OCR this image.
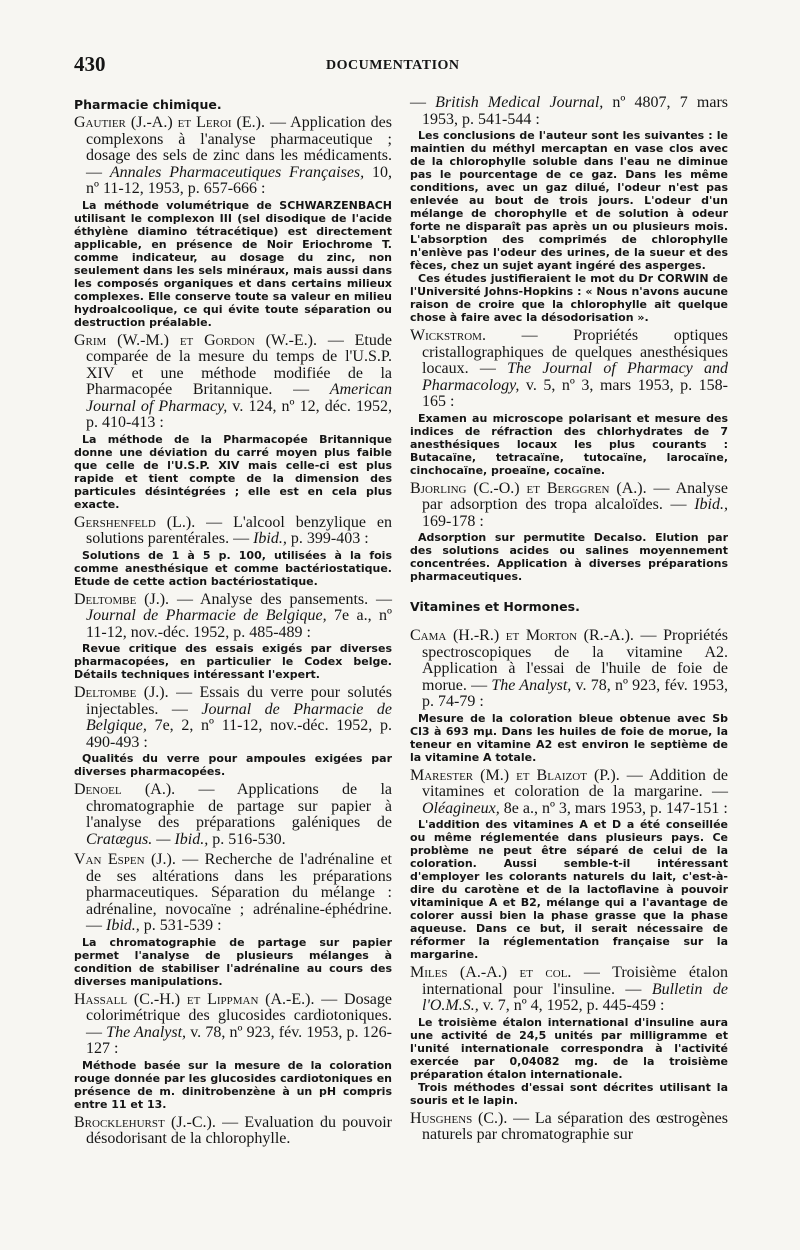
430	DOCUMENTATION
Pharmacie chimique.

Gautier (J.-A.) et Leroi (E.). — Application des complexons à l'analyse pharmaceutique ; dosage des sels de zinc dans les médicaments. — Annales Pharmaceutiques Françaises, 10, nº 11-12, 1953, p. 657-666 :

La méthode volumétrique de SCHWARZENBACH utilisant le complexon III (sel disodique de l'acide éthylène diamino tétracétique) est directement applicable, en présence de Noir Eriochrome T. comme indicateur, au dosage du zinc, non seulement dans les sels minéraux, mais aussi dans les composés organiques et dans certains milieux complexes. Elle conserve toute sa valeur en milieu hydroalcoolique, ce qui évite toute séparation ou destruction préalable.

Grim (W.-M.) et Gordon (W.-E.). — Etude comparée de la mesure du temps de l'U.S.P. XIV et une méthode modifiée de la Pharmacopée Britannique. — American Journal of Pharmacy, v. 124, nº 12, déc. 1952, p. 410-413 :

La méthode de la Pharmacopée Britannique donne une déviation du carré moyen plus faible que celle de l'U.S.P. XIV mais celle-ci est plus rapide et tient compte de la dimension des particules désintégrées ; elle est en cela plus exacte.

Gershenfeld (L.). — L'alcool benzylique en solutions parentérales. — Ibid., p. 399-403 :

Solutions de 1 à 5 p. 100, utilisées à la fois comme anesthésique et comme bactériostatique. Etude de cette action bactériostatique.

Deltombe (J.). — Analyse des pansements. — Journal de Pharmacie de Belgique, 7e a., nº 11-12, nov.-déc. 1952, p. 485-489 :

Revue critique des essais exigés par diverses pharmacopées, en particulier le Codex belge. Détails techniques intéressant l'expert.

Deltombe (J.). — Essais du verre pour solutés injectables. — Journal de Pharmacie de Belgique, 7e, 2, nº 11-12, nov.-déc. 1952, p. 490-493 :

Qualités du verre pour ampoules exigées par diverses pharmacopées.

Denoel (A.). — Applications de la chromatographie de partage sur papier à l'analyse des préparations galéniques de Cratægus. — Ibid., p. 516-530.

Van Espen (J.). — Recherche de l'adrénaline et de ses altérations dans les préparations pharmaceutiques. Séparation du mélange : adrénaline, novocaïne ; adrénaline-éphédrine. — Ibid., p. 531-539 :

La chromatographie de partage sur papier permet l'analyse de plusieurs mélanges à condition de stabiliser l'adrénaline au cours des diverses manipulations.

Hassall (C.-H.) et Lippman (A.-E.). — Dosage colorimétrique des glucosides cardiotoniques. — The Analyst, v. 78, nº 923, fév. 1953, p. 126-127 :

Méthode basée sur la mesure de la coloration rouge donnée par les glucosides cardiotoniques en présence de m. dinitrobenzène à un pH compris entre 11 et 13.

Brocklehurst (J.-C.). — Evaluation du pouvoir désodorisant de la chlorophylle.

— British Medical Journal, nº 4807, 7 mars 1953, p. 541-544 :

Les conclusions de l'auteur sont les suivantes : le maintien du méthyl mercaptan en vase clos avec de la chlorophylle soluble dans l'eau ne diminue pas le pourcentage de ce gaz. Dans les même conditions, avec un gaz dilué, l'odeur n'est pas enlevée au bout de trois jours. L'odeur d'un mélange de chorophylle et de solution à odeur forte ne disparaît pas après un ou plusieurs mois. L'absorption des comprimés de chlorophylle n'enlève pas l'odeur des urines, de la sueur et des fèces, chez un sujet ayant ingéré des asperges.

Ces études justifieraient le mot du Dr CORWIN de l'Université Johns-Hopkins : « Nous n'avons aucune raison de croire que la chlorophylle ait quelque chose à faire avec la désodorisation ».

Wickstrom. — Propriétés optiques cristallographiques de quelques anesthésiques locaux. — The Journal of Pharmacy and Pharmacology, v. 5, nº 3, mars 1953, p. 158-165 :

Examen au microscope polarisant et mesure des indices de réfraction des chlorhydrates de 7 anesthésiques locaux les plus courants : Butacaïne, tetracaïne, tutocaïne, larocaïne, cinchocaïne, proeaïne, cocaïne.

Bjorling (C.-O.) et Berggren (A.). — Analyse par adsorption des tropa alcaloïdes. — Ibid., 169-178 :

Adsorption sur permutite Decalso. Elution par des solutions acides ou salines moyennement concentrées. Application à diverses préparations pharmaceutiques.

Vitamines et Hormones.

Cama (H.-R.) et Morton (R.-A.). — Propriétés spectroscopiques de la vitamine A2. Application à l'essai de l'huile de foie de morue. — The Analyst, v. 78, nº 923, fév. 1953, p. 74-79 :

Mesure de la coloration bleue obtenue avec Sb Cl3 à 693 mμ. Dans les huiles de foie de morue, la teneur en vitamine A2 est environ le septième de la vitamine A totale.

Marester (M.) et Blaizot (P.). — Addition de vitamines et coloration de la margarine. — Oléagineux, 8e a., nº 3, mars 1953, p. 147-151 :

L'addition des vitamines A et D a été conseillée ou même réglementée dans plusieurs pays. Ce problème ne peut être séparé de celui de la coloration. Aussi semble-t-il intéressant d'employer les colorants naturels du lait, c'est-à-dire du carotène et de la lactoflavine à pouvoir vitaminique A et B2, mélange qui a l'avantage de colorer aussi bien la phase grasse que la phase aqueuse. Dans ce but, il serait nécessaire de réformer la réglementation française sur la margarine.

Miles (A.-A.) et col. — Troisième étalon international pour l'insuline. — Bulletin de l'O.M.S., v. 7, nº 4, 1952, p. 445-459 :

Le troisième étalon international d'insuline aura une activité de 24,5 unités par milligramme et l'unité internationale correspondra à l'activité exercée par 0,04082 mg. de la troisième préparation étalon internationale.

Trois méthodes d'essai sont décrites utilisant la souris et le lapin.

Husghens (C.). — La séparation des œstrogènes naturels par chromatographie sur
